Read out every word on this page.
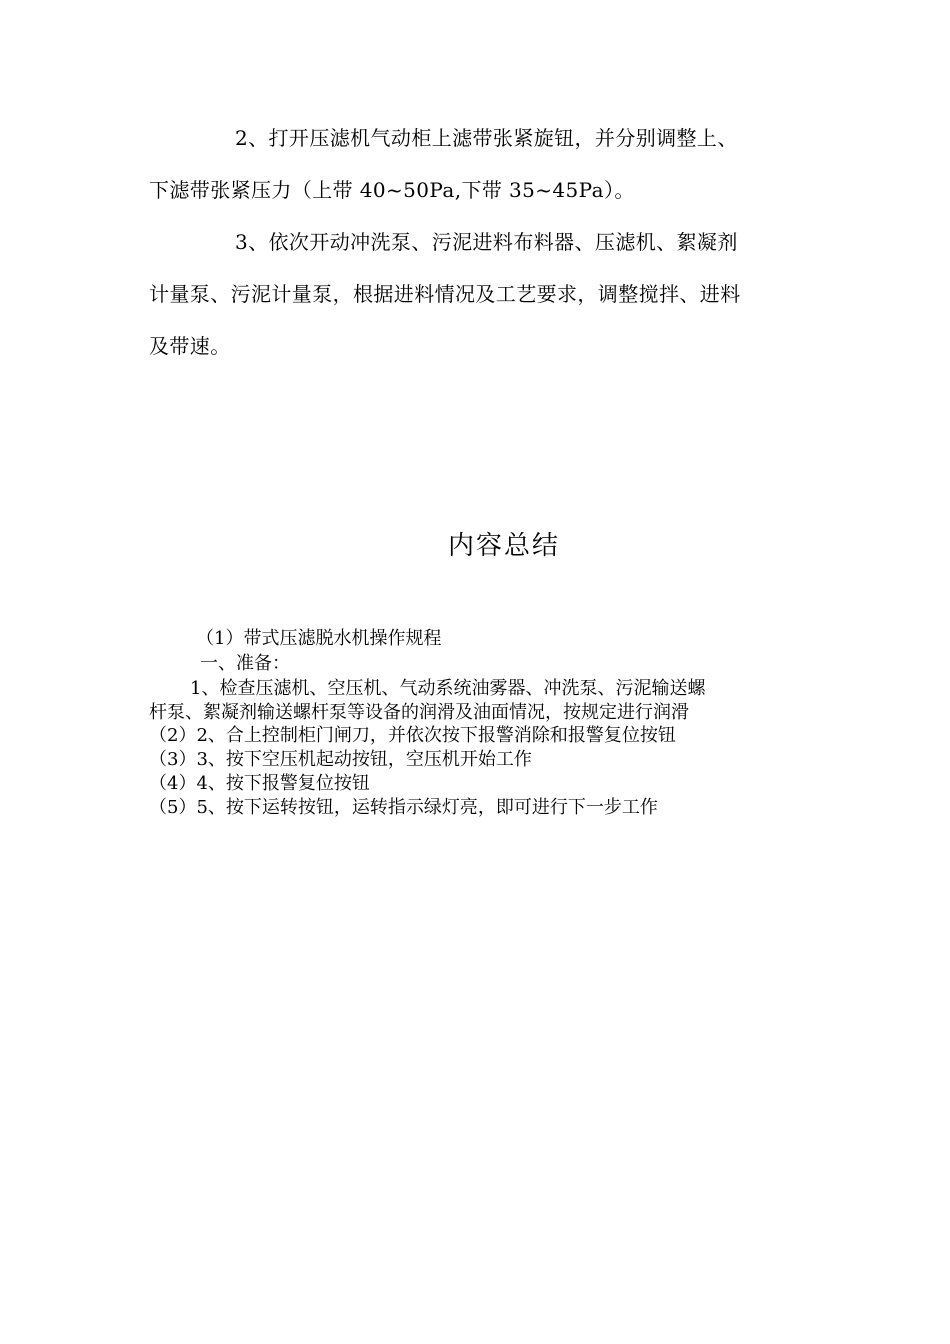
2、打开压滤机气动柜上滤带张紧旋钮，并分别调整上、
下滤带张紧压力（上带 40~50Pa,下带 35~45Pa）。
3、依次开动冲洗泵、污泥进料布料器、压滤机、絮凝剂
计量泵、污泥计量泵，根据进料情况及工艺要求，调整搅拌、进料
及带速。
内容总结
（1）带式压滤脱水机操作规程
一、准备：
1、检查压滤机、空压机、气动系统油雾器、冲洗泵、污泥输送螺
杆泵、絮凝剂输送螺杆泵等设备的润滑及油面情况，按规定进行润滑
（2）2、合上控制柜门闸刀，并依次按下报警消除和报警复位按钮
（3）3、按下空压机起动按钮，空压机开始工作
（4）4、按下报警复位按钮
（5）5、按下运转按钮，运转指示绿灯亮，即可进行下一步工作
